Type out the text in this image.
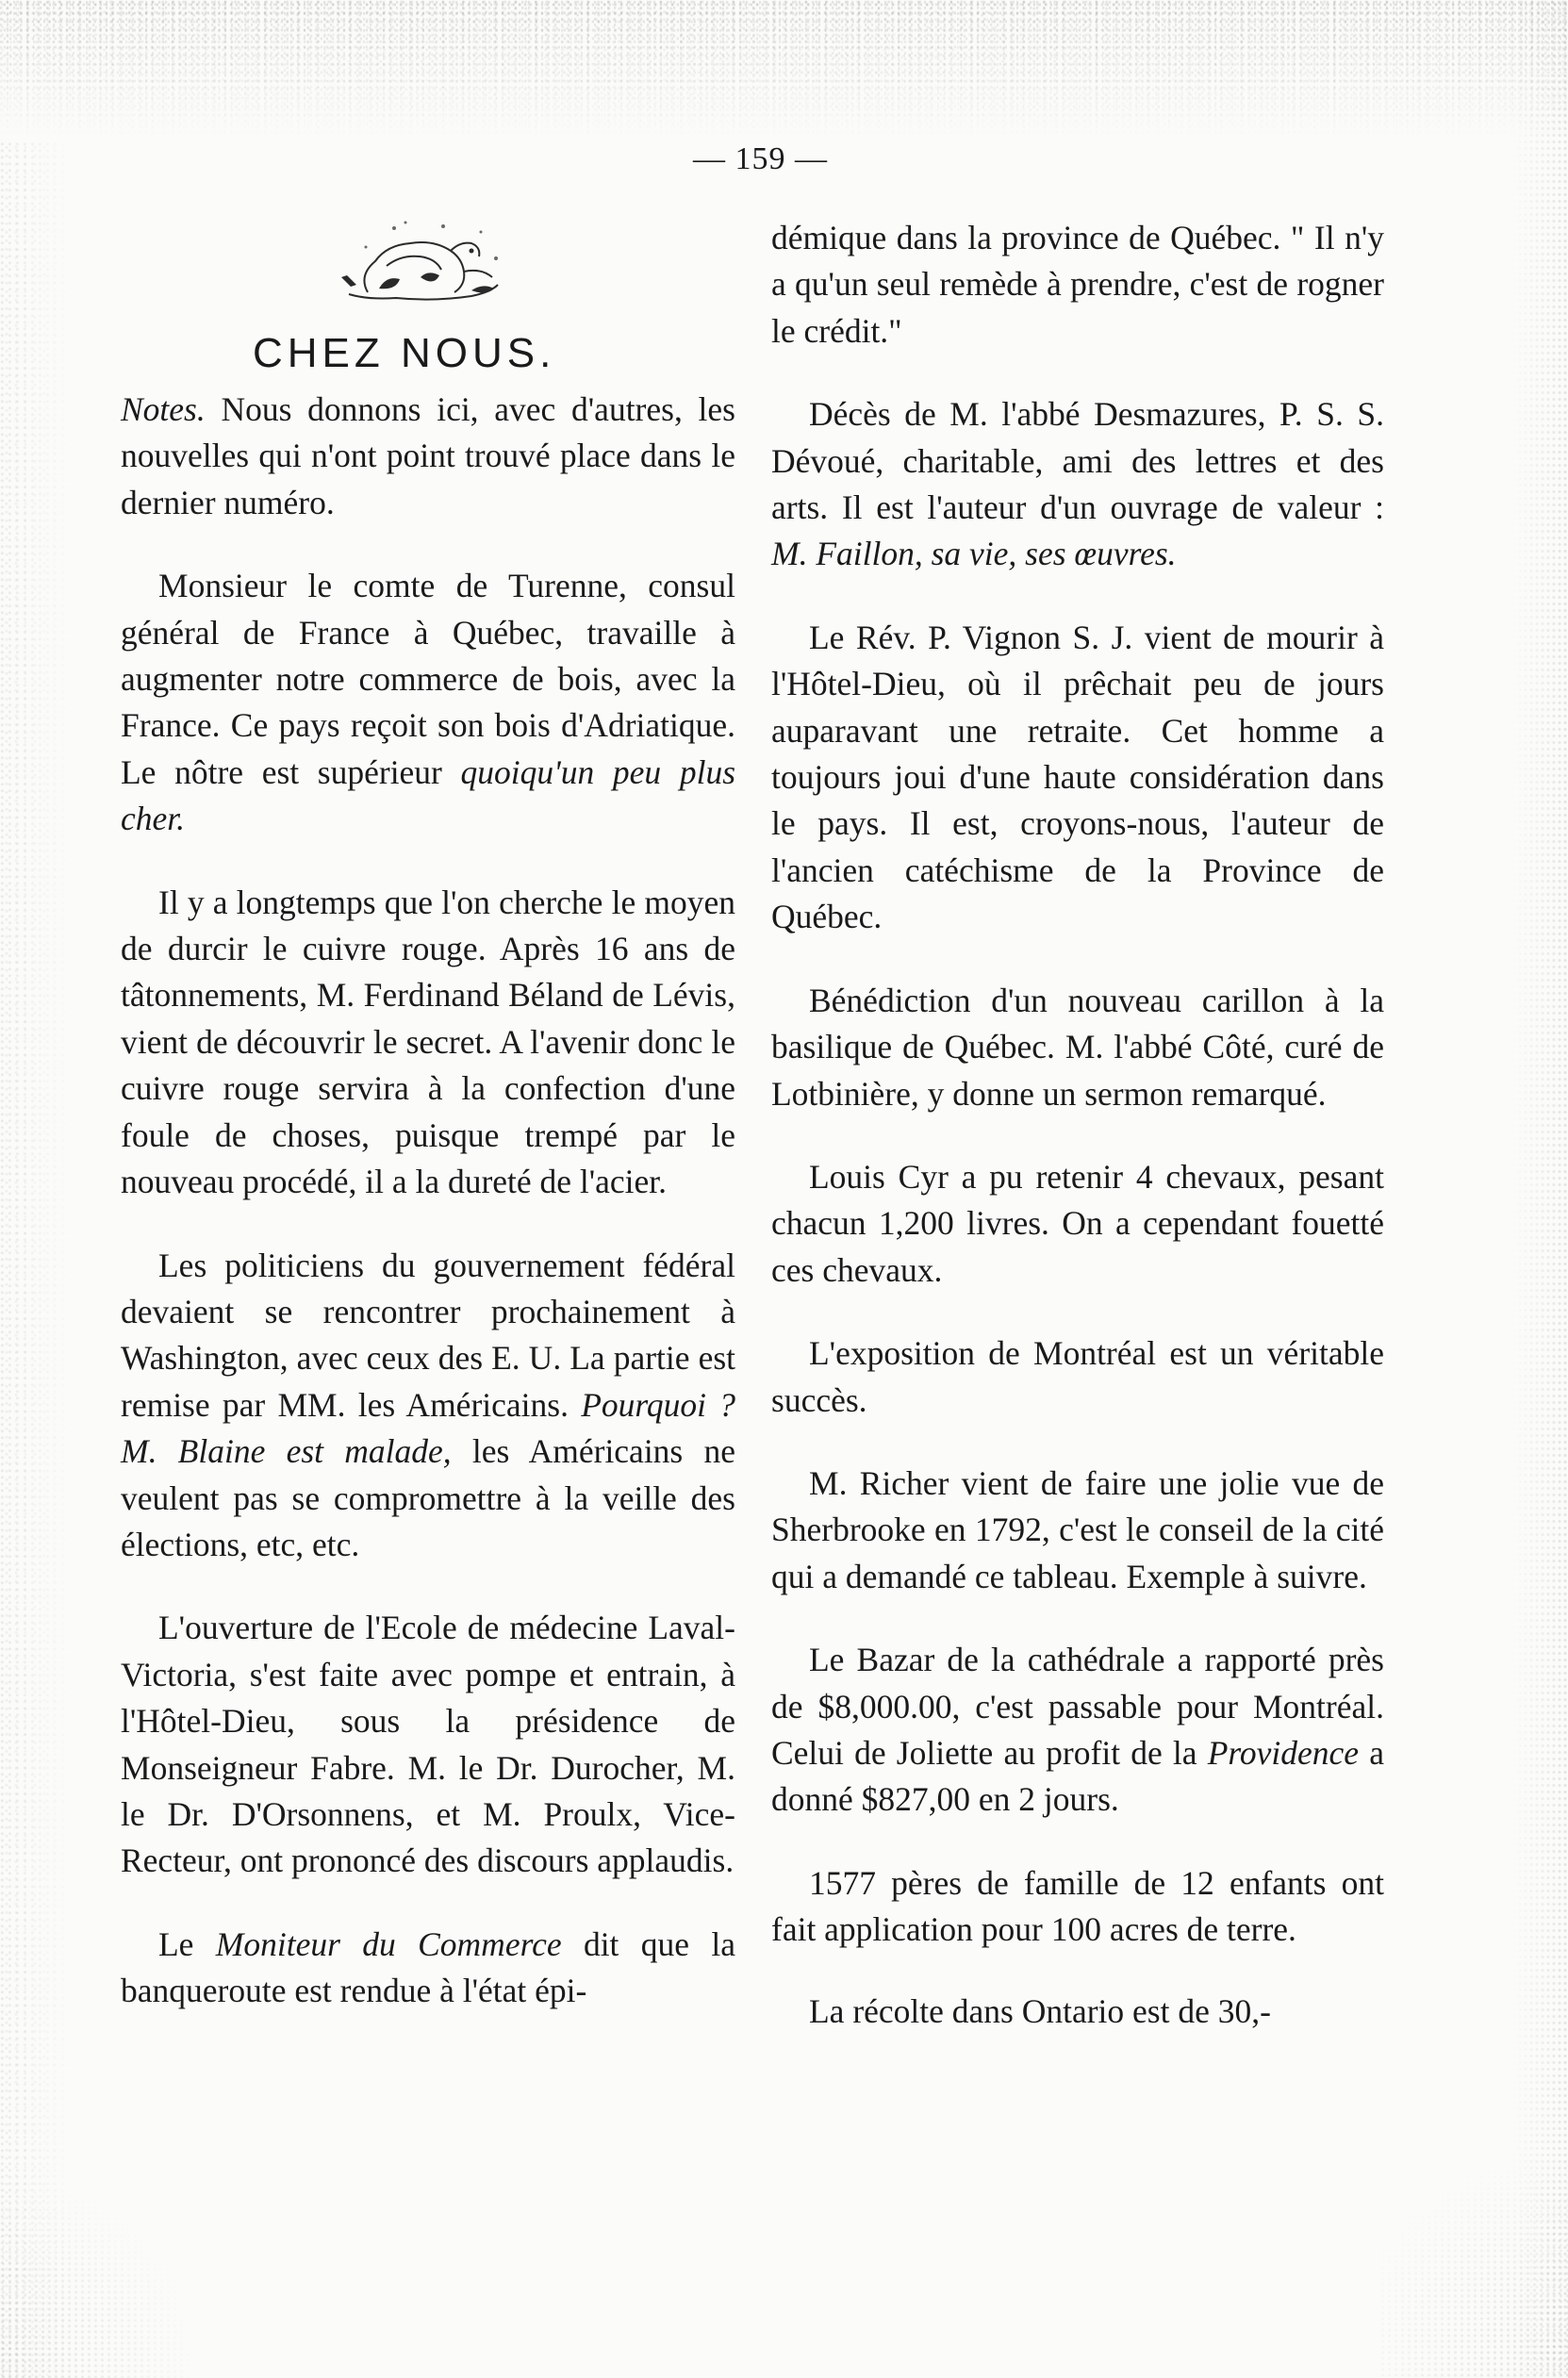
— 159 —
CHEZ NOUS.

Notes. Nous donnons ici, avec d'autres, les nouvelles qui n'ont point trouvé place dans le dernier numéro.

Monsieur le comte de Turenne, consul général de France à Québec, travaille à augmenter notre commerce de bois, avec la France. Ce pays reçoit son bois d'Adriatique. Le nôtre est supérieur quoiqu'un peu plus cher.

Il y a longtemps que l'on cherche le moyen de durcir le cuivre rouge. Après 16 ans de tâtonnements, M. Ferdinand Béland de Lévis, vient de découvrir le secret. A l'avenir donc le cuivre rouge servira à la confection d'une foule de choses, puisque trempé par le nouveau procédé, il a la dureté de l'acier.

Les politiciens du gouvernement fédéral devaient se rencontrer prochainement à Washington, avec ceux des E. U. La partie est remise par MM. les Américains. Pourquoi ? M. Blaine est malade, les Américains ne veulent pas se compromettre à la veille des élections, etc, etc.

L'ouverture de l'Ecole de médecine Laval-Victoria, s'est faite avec pompe et entrain, à l'Hôtel-Dieu, sous la présidence de Monseigneur Fabre. M. le Dr. Durocher, M. le Dr. D'Orsonnens, et M. Proulx, Vice-Recteur, ont prononcé des discours applaudis.

Le Moniteur du Commerce dit que la banqueroute est rendue à l'état épi-

démique dans la province de Québec. " Il n'y a qu'un seul remède à prendre, c'est de rogner le crédit."

Décès de M. l'abbé Desmazures, P. S. S. Dévoué, charitable, ami des lettres et des arts. Il est l'auteur d'un ouvrage de valeur : M. Faillon, sa vie, ses œuvres.

Le Rév. P. Vignon S. J. vient de mourir à l'Hôtel-Dieu, où il prêchait peu de jours auparavant une retraite. Cet homme a toujours joui d'une haute considération dans le pays. Il est, croyons-nous, l'auteur de l'ancien catéchisme de la Province de Québec.

Bénédiction d'un nouveau carillon à la basilique de Québec. M. l'abbé Côté, curé de Lotbinière, y donne un sermon remarqué.

Louis Cyr a pu retenir 4 chevaux, pesant chacun 1,200 livres. On a cependant fouetté ces chevaux.

L'exposition de Montréal est un véritable succès.

M. Richer vient de faire une jolie vue de Sherbrooke en 1792, c'est le conseil de la cité qui a demandé ce tableau. Exemple à suivre.

Le Bazar de la cathédrale a rapporté près de $8,000.00, c'est passable pour Montréal. Celui de Joliette au profit de la Providence a donné $827,00 en 2 jours.

1577 pères de famille de 12 enfants ont fait application pour 100 acres de terre.

La récolte dans Ontario est de 30,-
